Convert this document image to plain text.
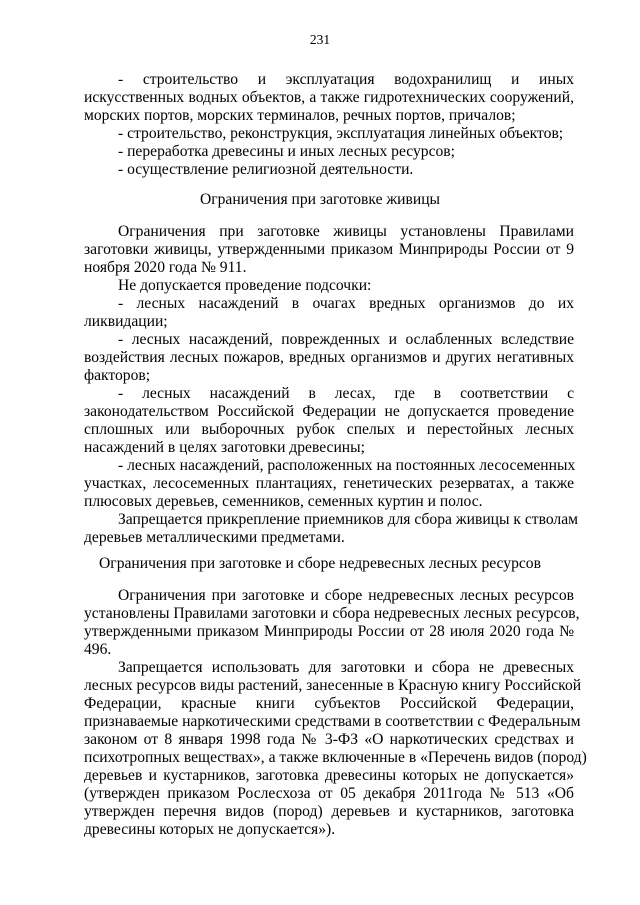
231
- строительство и эксплуатация водохранилищ и иных
искусственных водных объектов, а также гидротехнических сооружений,
морских портов, морских терминалов, речных портов, причалов;
- строительство, реконструкция, эксплуатация линейных объектов;
- переработка древесины и иных лесных ресурсов;
- осуществление религиозной деятельности.
Ограничения при заготовке живицы
Ограничения при заготовке живицы установлены Правилами
заготовки живицы, утвержденными приказом Минприроды России от 9
ноября 2020 года № 911.
Не допускается проведение подсочки:
- лесных насаждений в очагах вредных организмов до их
ликвидации;
- лесных насаждений, поврежденных и ослабленных вследствие
воздействия лесных пожаров, вредных организмов и других негативных
факторов;
- лесных насаждений в лесах, где в соответствии с
законодательством Российской Федерации не допускается проведение
сплошных или выборочных рубок спелых и перестойных лесных
насаждений в целях заготовки древесины;
- лесных насаждений, расположенных на постоянных лесосеменных
участках, лесосеменных плантациях, генетических резерватах, а также
плюсовых деревьев, семенников, семенных куртин и полос.
Запрещается прикрепление приемников для сбора живицы к стволам
деревьев металлическими предметами.
Ограничения при заготовке и сборе недревесных лесных ресурсов
Ограничения при заготовке и сборе недревесных лесных ресурсов
установлены Правилами заготовки и сбора недревесных лесных ресурсов,
утвержденными приказом Минприроды России от 28 июля 2020 года №
496.
Запрещается использовать для заготовки и сбора не древесных
лесных ресурсов виды растений, занесенные в Красную книгу Российской
Федерации, красные книги субъектов Российской Федерации,
признаваемые наркотическими средствами в соответствии с Федеральным
законом от 8 января 1998 года № 3-ФЗ «О наркотических средствах и
психотропных веществах», а также включенные в «Перечень видов (пород)
деревьев и кустарников, заготовка древесины которых не допускается»
(утвержден приказом Рослесхоза от 05 декабря 2011года № 513 «Об
утвержден перечня видов (пород) деревьев и кустарников, заготовка
древесины которых не допускается»).
